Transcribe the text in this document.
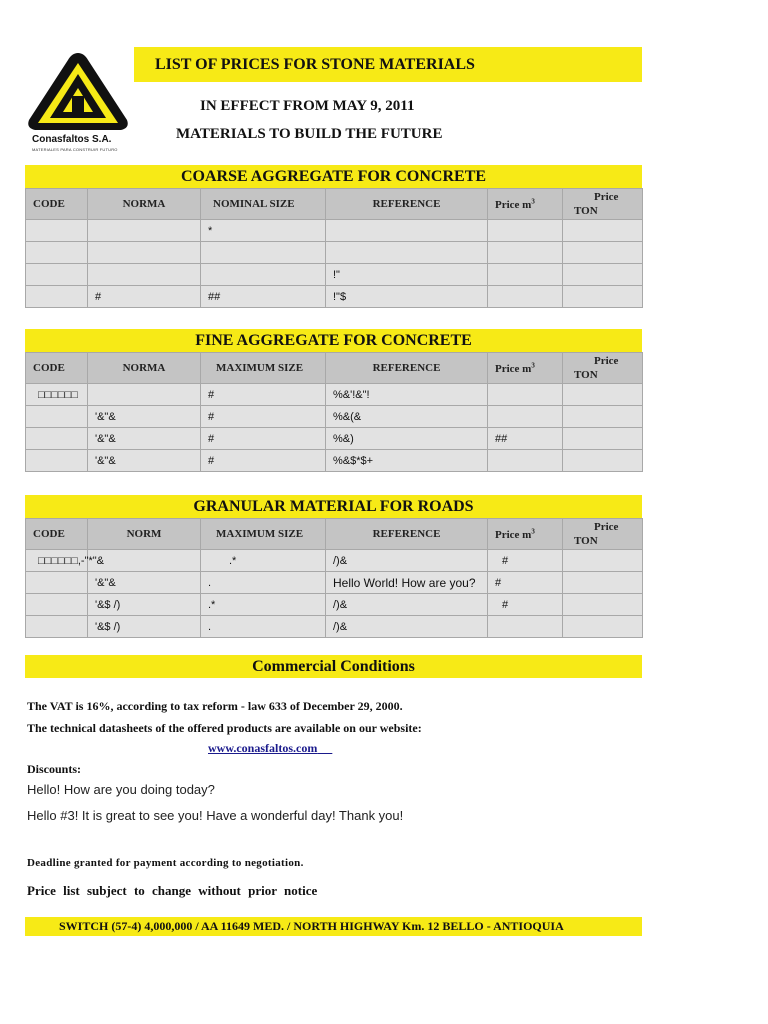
Conasfaltos S.A.
MATERIALES PARA CONSTRUIR FUTURO
LIST OF PRICES FOR STONE MATERIALS
IN EFFECT FROM MAY 9, 2011
MATERIALS TO BUILD THE FUTURE
COARSE AGGREGATE FOR CONCRETE
CODE	NORMA	NOMINAL SIZE	REFERENCE	Price $m^3$	Price
TON

		*			

			!"		
	#	##	!"$		
FINE AGGREGATE FOR CONCRETE
CODE	NORMA	MAXIMUM SIZE	REFERENCE	Price $m^3$	Price
TON

□□□□□□		#	%&'!&"!		
	'&"&	#	%&(&		
	'&"&	#	%&)	##	
	'&"&	#	%&$*$+		
GRANULAR MATERIAL FOR ROADS
CODE	NORM	MAXIMUM SIZE	REFERENCE	Price $m^3$	Price
TON

□□□□□□,-"*"&		.*	/)&	#	
	'&"&	.	Hello World! How are you?	#	
	'&$ /)	.*	/)&	#	
	'&$ /)	.	/)&		
Commercial Conditions
The VAT is 16%, according to tax reform - law 633 of December 29, 2000.
The technical datasheets of the offered products are available on our website:
www.conasfaltos.com
Discounts:
Hello! How are you doing today?
Hello #3! It is great to see you! Have a wonderful day! Thank you!
Deadline granted for payment according to negotiation.
Price list subject to change without prior notice
SWITCH (57-4) 4,000,000 / AA 11649 MED. / NORTH HIGHWAY Km. 12 BELLO - ANTIOQUIA
